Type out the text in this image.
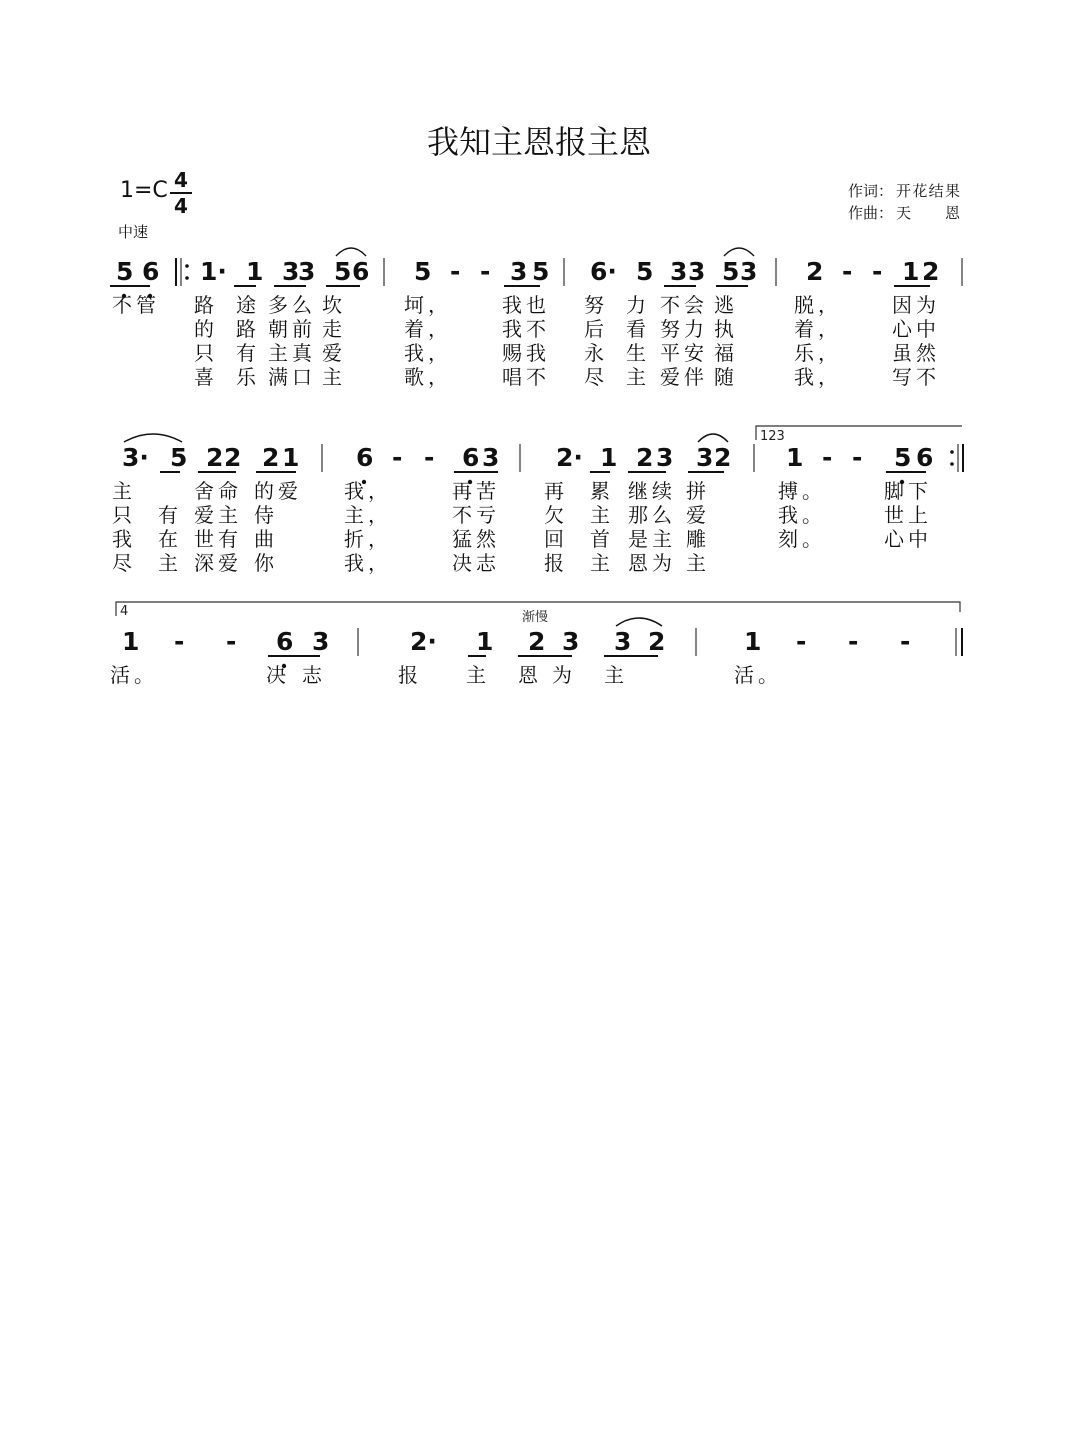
我知主恩报主恩
1=C 4
4
中速
作词： 开花结果
作曲： 天恩
123
4	渐慢
5 6 1· 1 3
3 5 6 5 - - 3 5 6· 5 3 3 5 3 2 - - 1 2
3· 5 2 2 2 1 6 - - 6 3 2· 1 2 3 3 2 1 - - 5 6
1 - - 6 3	2· 1 2 3 3 2	1 - - -
不管 路 途 多么 坎	坷，	我也 努 力 不会 逃	脱，	因为
的 路 朝前 走	着，	我不 后 看 努力 执	着，	心中
只 有 主真 爱	我，	赐我 永 生 平安 福	乐，	虽然
喜 乐 满口 主	歌，	唱不 尽 主 爱伴 随	我，	写不
主	舍命 的爱 我，	再苦 再 累 继续 拼	搏。	脚下
只 有 爱主 侍	主，	不亏 欠 主 那么 爱	我。	世上
我 在 世有 曲	折，	猛然 回 首 是主 雕	刻。	心中
尽 主 深爱 你	我，	决志 报 主 恩为 主
活。	决 志	报 主 恩 为 主	活。
